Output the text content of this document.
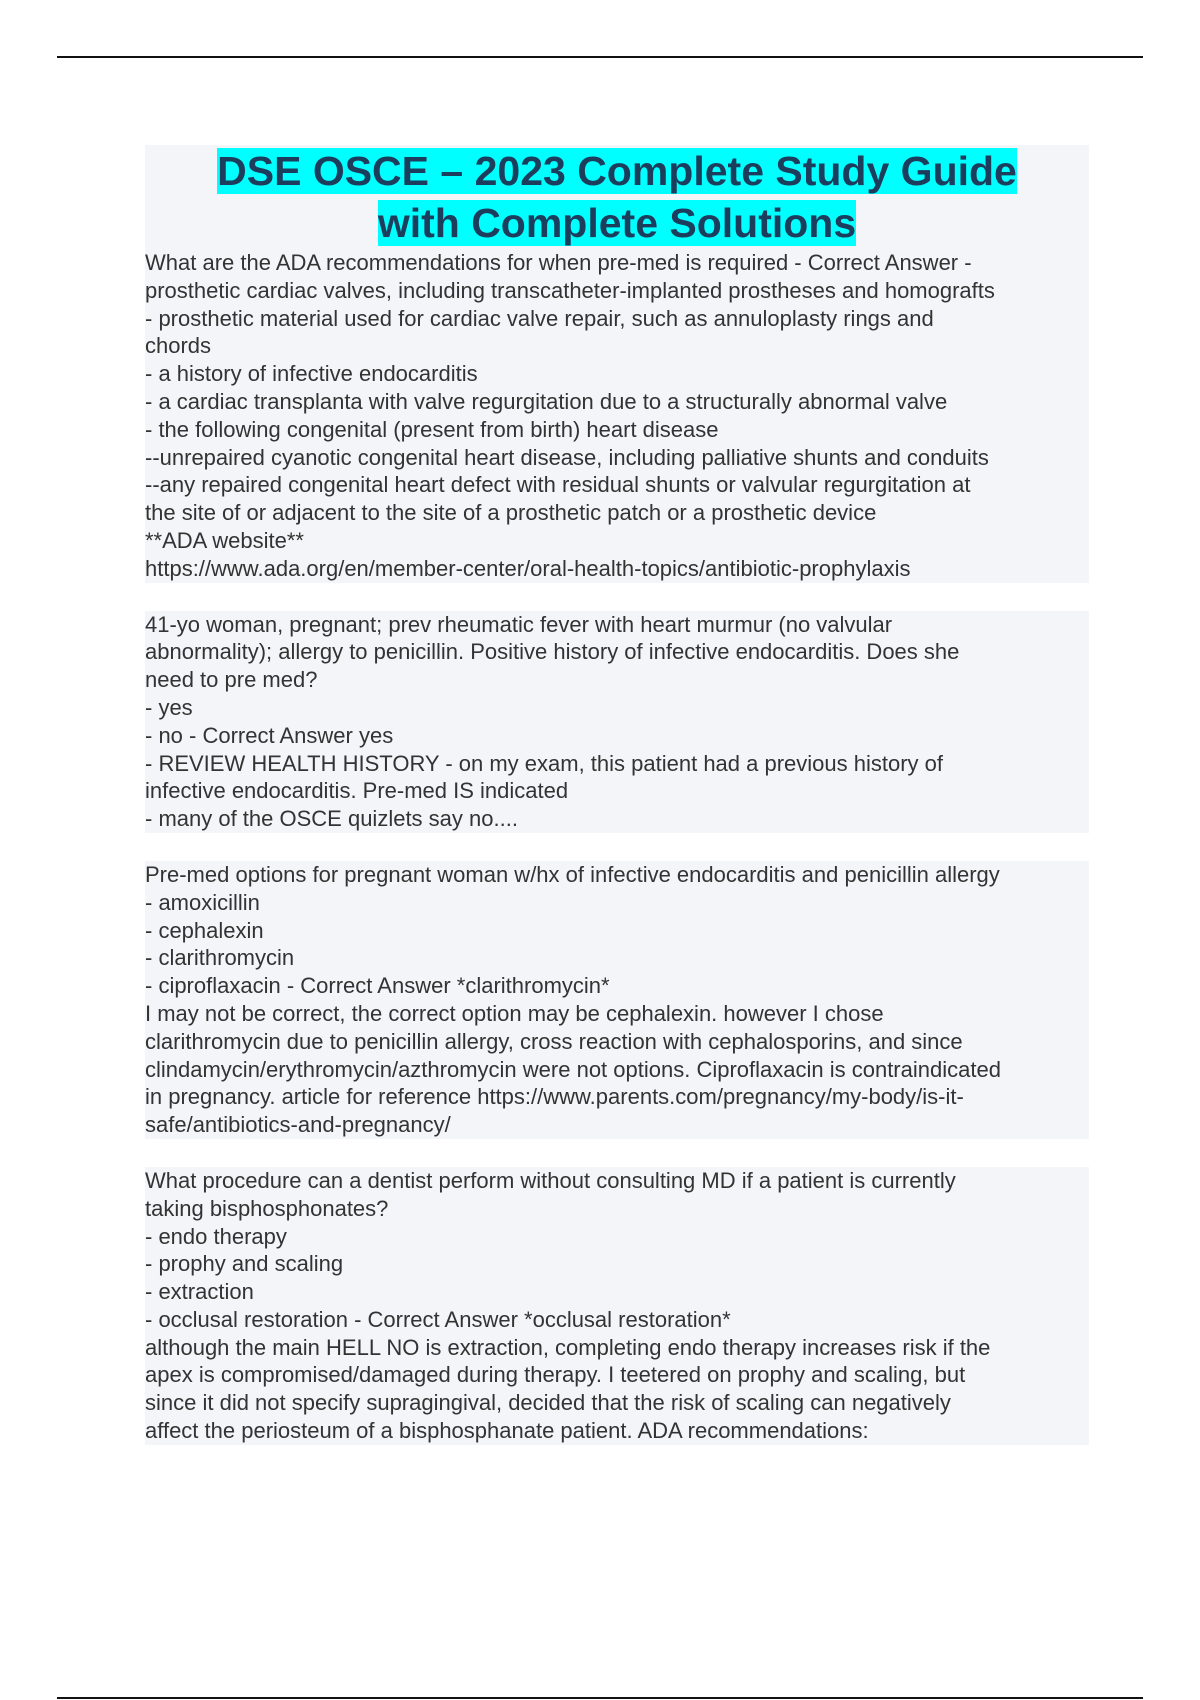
DSE OSCE – 2023 Complete Study Guide
with Complete Solutions
What are the ADA recommendations for when pre-med is required - Correct Answer -
prosthetic cardiac valves, including transcatheter-implanted prostheses and homografts
- prosthetic material used for cardiac valve repair, such as annuloplasty rings and
chords
- a history of infective endocarditis
- a cardiac transplanta with valve regurgitation due to a structurally abnormal valve
- the following congenital (present from birth) heart disease
--unrepaired cyanotic congenital heart disease, including palliative shunts and conduits
--any repaired congenital heart defect with residual shunts or valvular regurgitation at
the site of or adjacent to the site of a prosthetic patch or a prosthetic device
**ADA website**
https://www.ada.org/en/member-center/oral-health-topics/antibiotic-prophylaxis
41-yo woman, pregnant; prev rheumatic fever with heart murmur (no valvular
abnormality); allergy to penicillin. Positive history of infective endocarditis. Does she
need to pre med?
- yes
- no - Correct Answer yes
- REVIEW HEALTH HISTORY - on my exam, this patient had a previous history of
infective endocarditis. Pre-med IS indicated
- many of the OSCE quizlets say no....
Pre-med options for pregnant woman w/hx of infective endocarditis and penicillin allergy
- amoxicillin
- cephalexin
- clarithromycin
- ciproflaxacin - Correct Answer *clarithromycin*
I may not be correct, the correct option may be cephalexin. however I chose
clarithromycin due to penicillin allergy, cross reaction with cephalosporins, and since
clindamycin/erythromycin/azthromycin were not options. Ciproflaxacin is contraindicated
in pregnancy. article for reference https://www.parents.com/pregnancy/my-body/is-it-
safe/antibiotics-and-pregnancy/
What procedure can a dentist perform without consulting MD if a patient is currently
taking bisphosphonates?
- endo therapy
- prophy and scaling
- extraction
- occlusal restoration - Correct Answer *occlusal restoration*
although the main HELL NO is extraction, completing endo therapy increases risk if the
apex is compromised/damaged during therapy. I teetered on prophy and scaling, but
since it did not specify supragingival, decided that the risk of scaling can negatively
affect the periosteum of a bisphosphanate patient. ADA recommendations:
